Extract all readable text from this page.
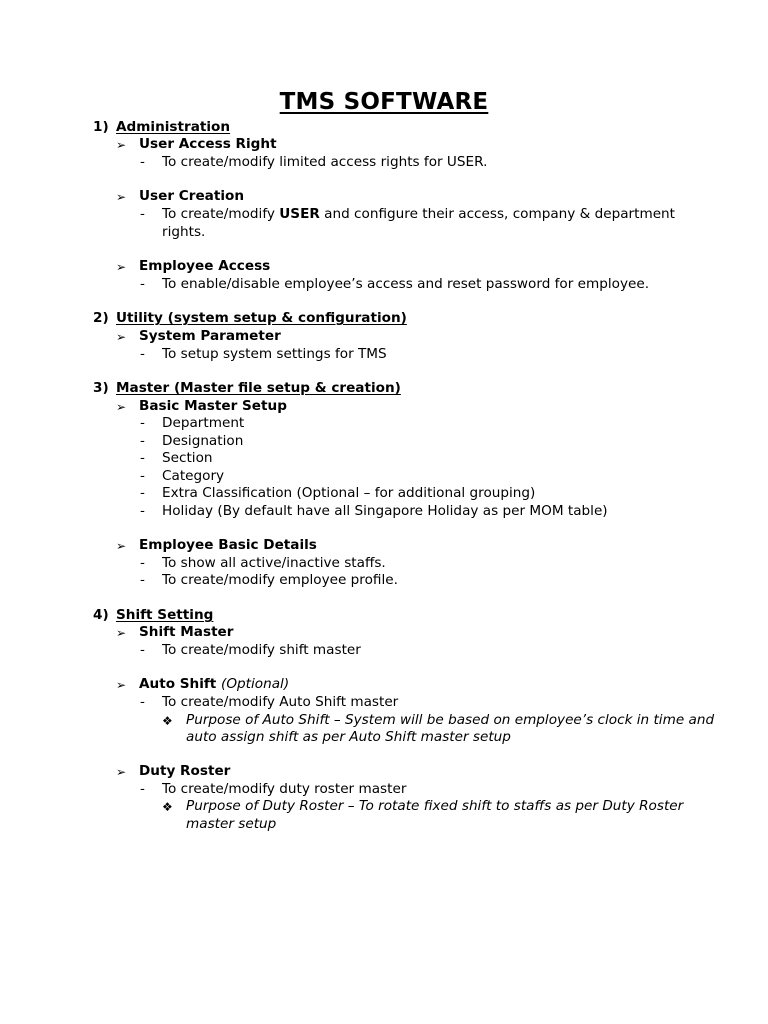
TMS SOFTWARE
1) Administration
➢ User Access Right
- To create/modify limited access rights for USER.
➢ User Creation
- To create/modify USER and configure their access, company & department
rights.
➢ Employee Access
- To enable/disable employee’s access and reset password for employee.
2) Utility (system setup & configuration)
➢ System Parameter
- To setup system settings for TMS
3) Master (Master file setup & creation)
➢ Basic Master Setup
- Department
- Designation
- Section
- Category
- Extra Classification (Optional – for additional grouping)
- Holiday (By default have all Singapore Holiday as per MOM table)
➢ Employee Basic Details
- To show all active/inactive staffs.
- To create/modify employee profile.
4) Shift Setting
➢ Shift Master
- To create/modify shift master
➢ Auto Shift (Optional)
- To create/modify Auto Shift master
❖ Purpose of Auto Shift – System will be based on employee’s clock in time and
auto assign shift as per Auto Shift master setup
➢ Duty Roster
- To create/modify duty roster master
❖ Purpose of Duty Roster – To rotate fixed shift to staffs as per Duty Roster
master setup
